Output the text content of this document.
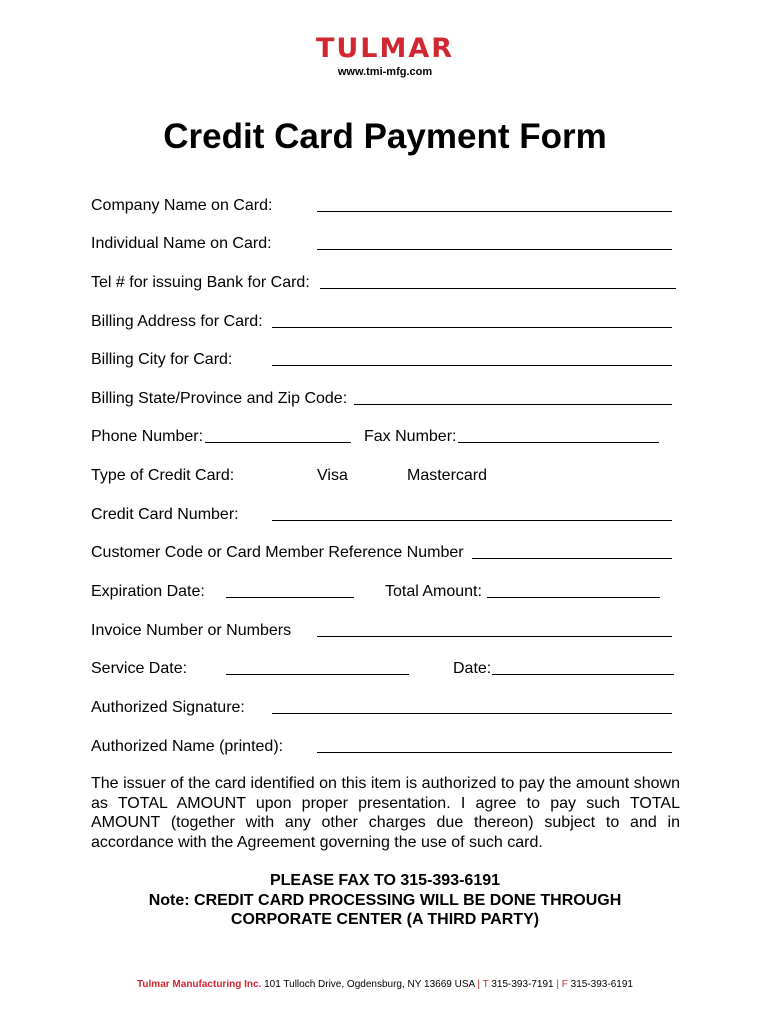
TULMAR
www.tmi-mfg.com
Credit Card Payment Form
Company Name on Card:
Individual Name on Card:
Tel # for issuing Bank for Card:
Billing Address for Card:
Billing City for Card:
Billing State/Province and Zip Code:
Phone Number:	Fax Number:
Type of Credit Card:	Visa	Mastercard
Credit Card Number:
Customer Code or Card Member Reference Number
Expiration Date:	Total Amount:
Invoice Number or Numbers
Service Date:	Date:
Authorized Signature:
Authorized Name (printed):
The issuer of the card identified on this item is authorized to pay the amount shown as TOTAL AMOUNT upon proper presentation. I agree to pay such TOTAL AMOUNT (together with any other charges due thereon) subject to and in accordance with the Agreement governing the use of such card.
PLEASE FAX TO 315-393-6191
Note: CREDIT CARD PROCESSING WILL BE DONE THROUGH
CORPORATE CENTER (A THIRD PARTY)
Tulmar Manufacturing Inc. 101 Tulloch Drive, Ogdensburg, NY 13669 USA | T 315-393-7191 | F 315-393-6191
